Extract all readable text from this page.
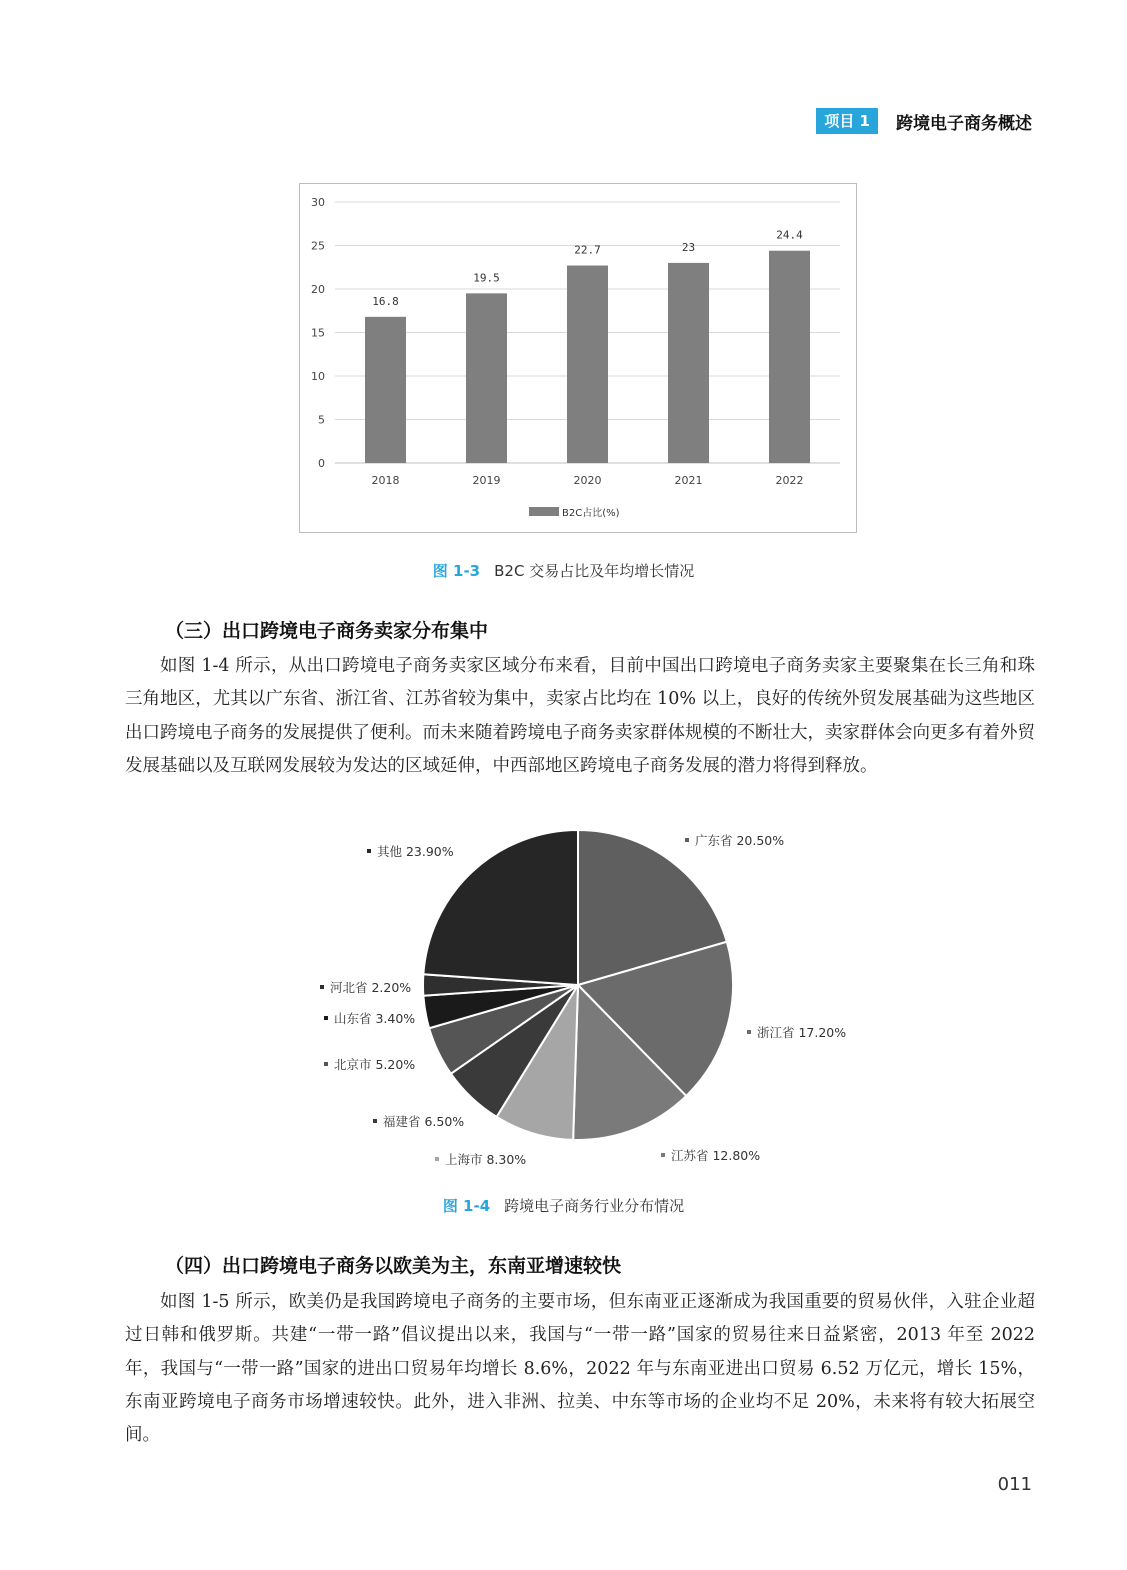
项目 1	跨境电子商务概述
0
5
10
15
20
25
30
16.8
2018
19.5
2019
22.7
2020
23
2021
24.4
2022
B2C占比(%)
图 1-3 B2C 交易占比及年均增长情况
（三）出口跨境电子商务卖家分布集中

如图 1-4 所示，从出口跨境电子商务卖家区域分布来看，目前中国出口跨境电子商务卖家主要聚集在长三角和珠三角地区，尤其以广东省、浙江省、江苏省较为集中，卖家占比均在 10% 以上，良好的传统外贸发展基础为这些地区出口跨境电子商务的发展提供了便利。而未来随着跨境电子商务卖家群体规模的不断壮大，卖家群体会向更多有着外贸发展基础以及互联网发展较为发达的区域延伸，中西部地区跨境电子商务发展的潜力将得到释放。

广东省 20.50%
浙江省 17.20%
江苏省 12.80%
上海市 8.30%
福建省 6.50%
北京市 5.20%
山东省 3.40%
河北省 2.20%
其他 23.90%
图 1-4 跨境电子商务行业分布情况
（四）出口跨境电子商务以欧美为主，东南亚增速较快

如图 1-5 所示，欧美仍是我国跨境电子商务的主要市场，但东南亚正逐渐成为我国重要的贸易伙伴，入驻企业超过日韩和俄罗斯。共建“一带一路”倡议提出以来，我国与“一带一路”国家的贸易往来日益紧密，2013 年至 2022 年，我国与“一带一路”国家的进出口贸易年均增长 8.6%，2022 年与东南亚进出口贸易 6.52 万亿元，增长 15%，东南亚跨境电子商务市场增速较快。此外，进入非洲、拉美、中东等市场的企业均不足 20%，未来将有较大拓展空间。

011
